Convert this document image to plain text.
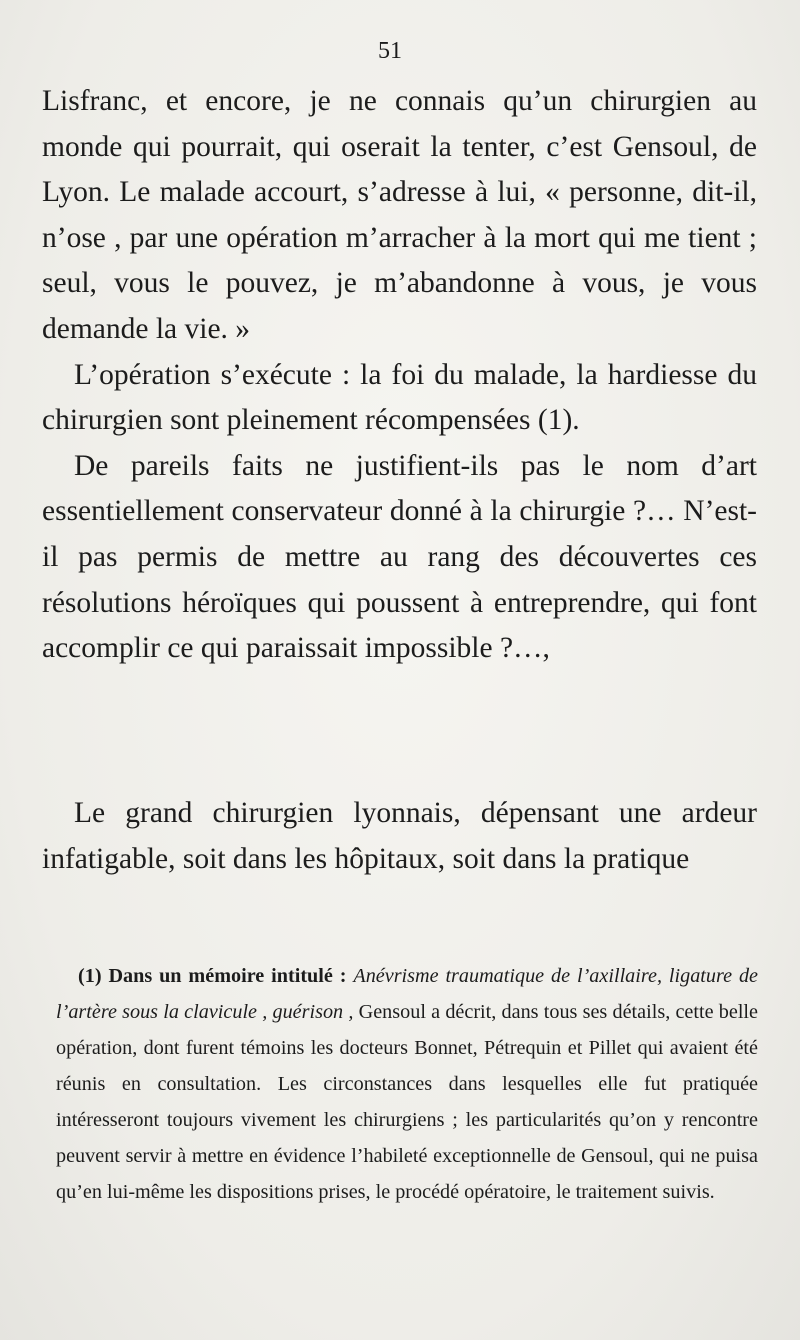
51

Lisfranc, et encore, je ne connais qu’un chirurgien au monde qui pourrait, qui oserait la tenter, c’est Gensoul, de Lyon. Le malade accourt, s’adresse à lui, « personne, dit-il, n’ose , par une opération m’arracher à la mort qui me tient ; seul, vous le pouvez, je m’abandonne à vous, je vous demande la vie. »

L’opération s’exécute : la foi du malade, la hardiesse du chirurgien sont pleinement récompensées (1).

De pareils faits ne justifient-ils pas le nom d’art essentiellement conservateur donné à la chirurgie ?… N’est-il pas permis de mettre au rang des découvertes ces résolutions héroïques qui poussent à entreprendre, qui font accomplir ce qui paraissait impossible ?…,

Le grand chirurgien lyonnais, dépensant une ardeur infatigable, soit dans les hôpitaux, soit dans la pratique

(1) Dans un mémoire intitulé : Anévrisme traumatique de l’axillaire, ligature de l’artère sous la clavicule , guérison , Gensoul a décrit, dans tous ses détails, cette belle opération, dont furent témoins les docteurs Bonnet, Pétrequin et Pillet qui avaient été réunis en consultation. Les circonstances dans lesquelles elle fut pratiquée intéresseront toujours vivement les chirurgiens ; les particularités qu’on y rencontre peuvent servir à mettre en évidence l’habileté exceptionnelle de Gensoul, qui ne puisa qu’en lui-même les dispositions prises, le procédé opératoire, le traitement suivis.
